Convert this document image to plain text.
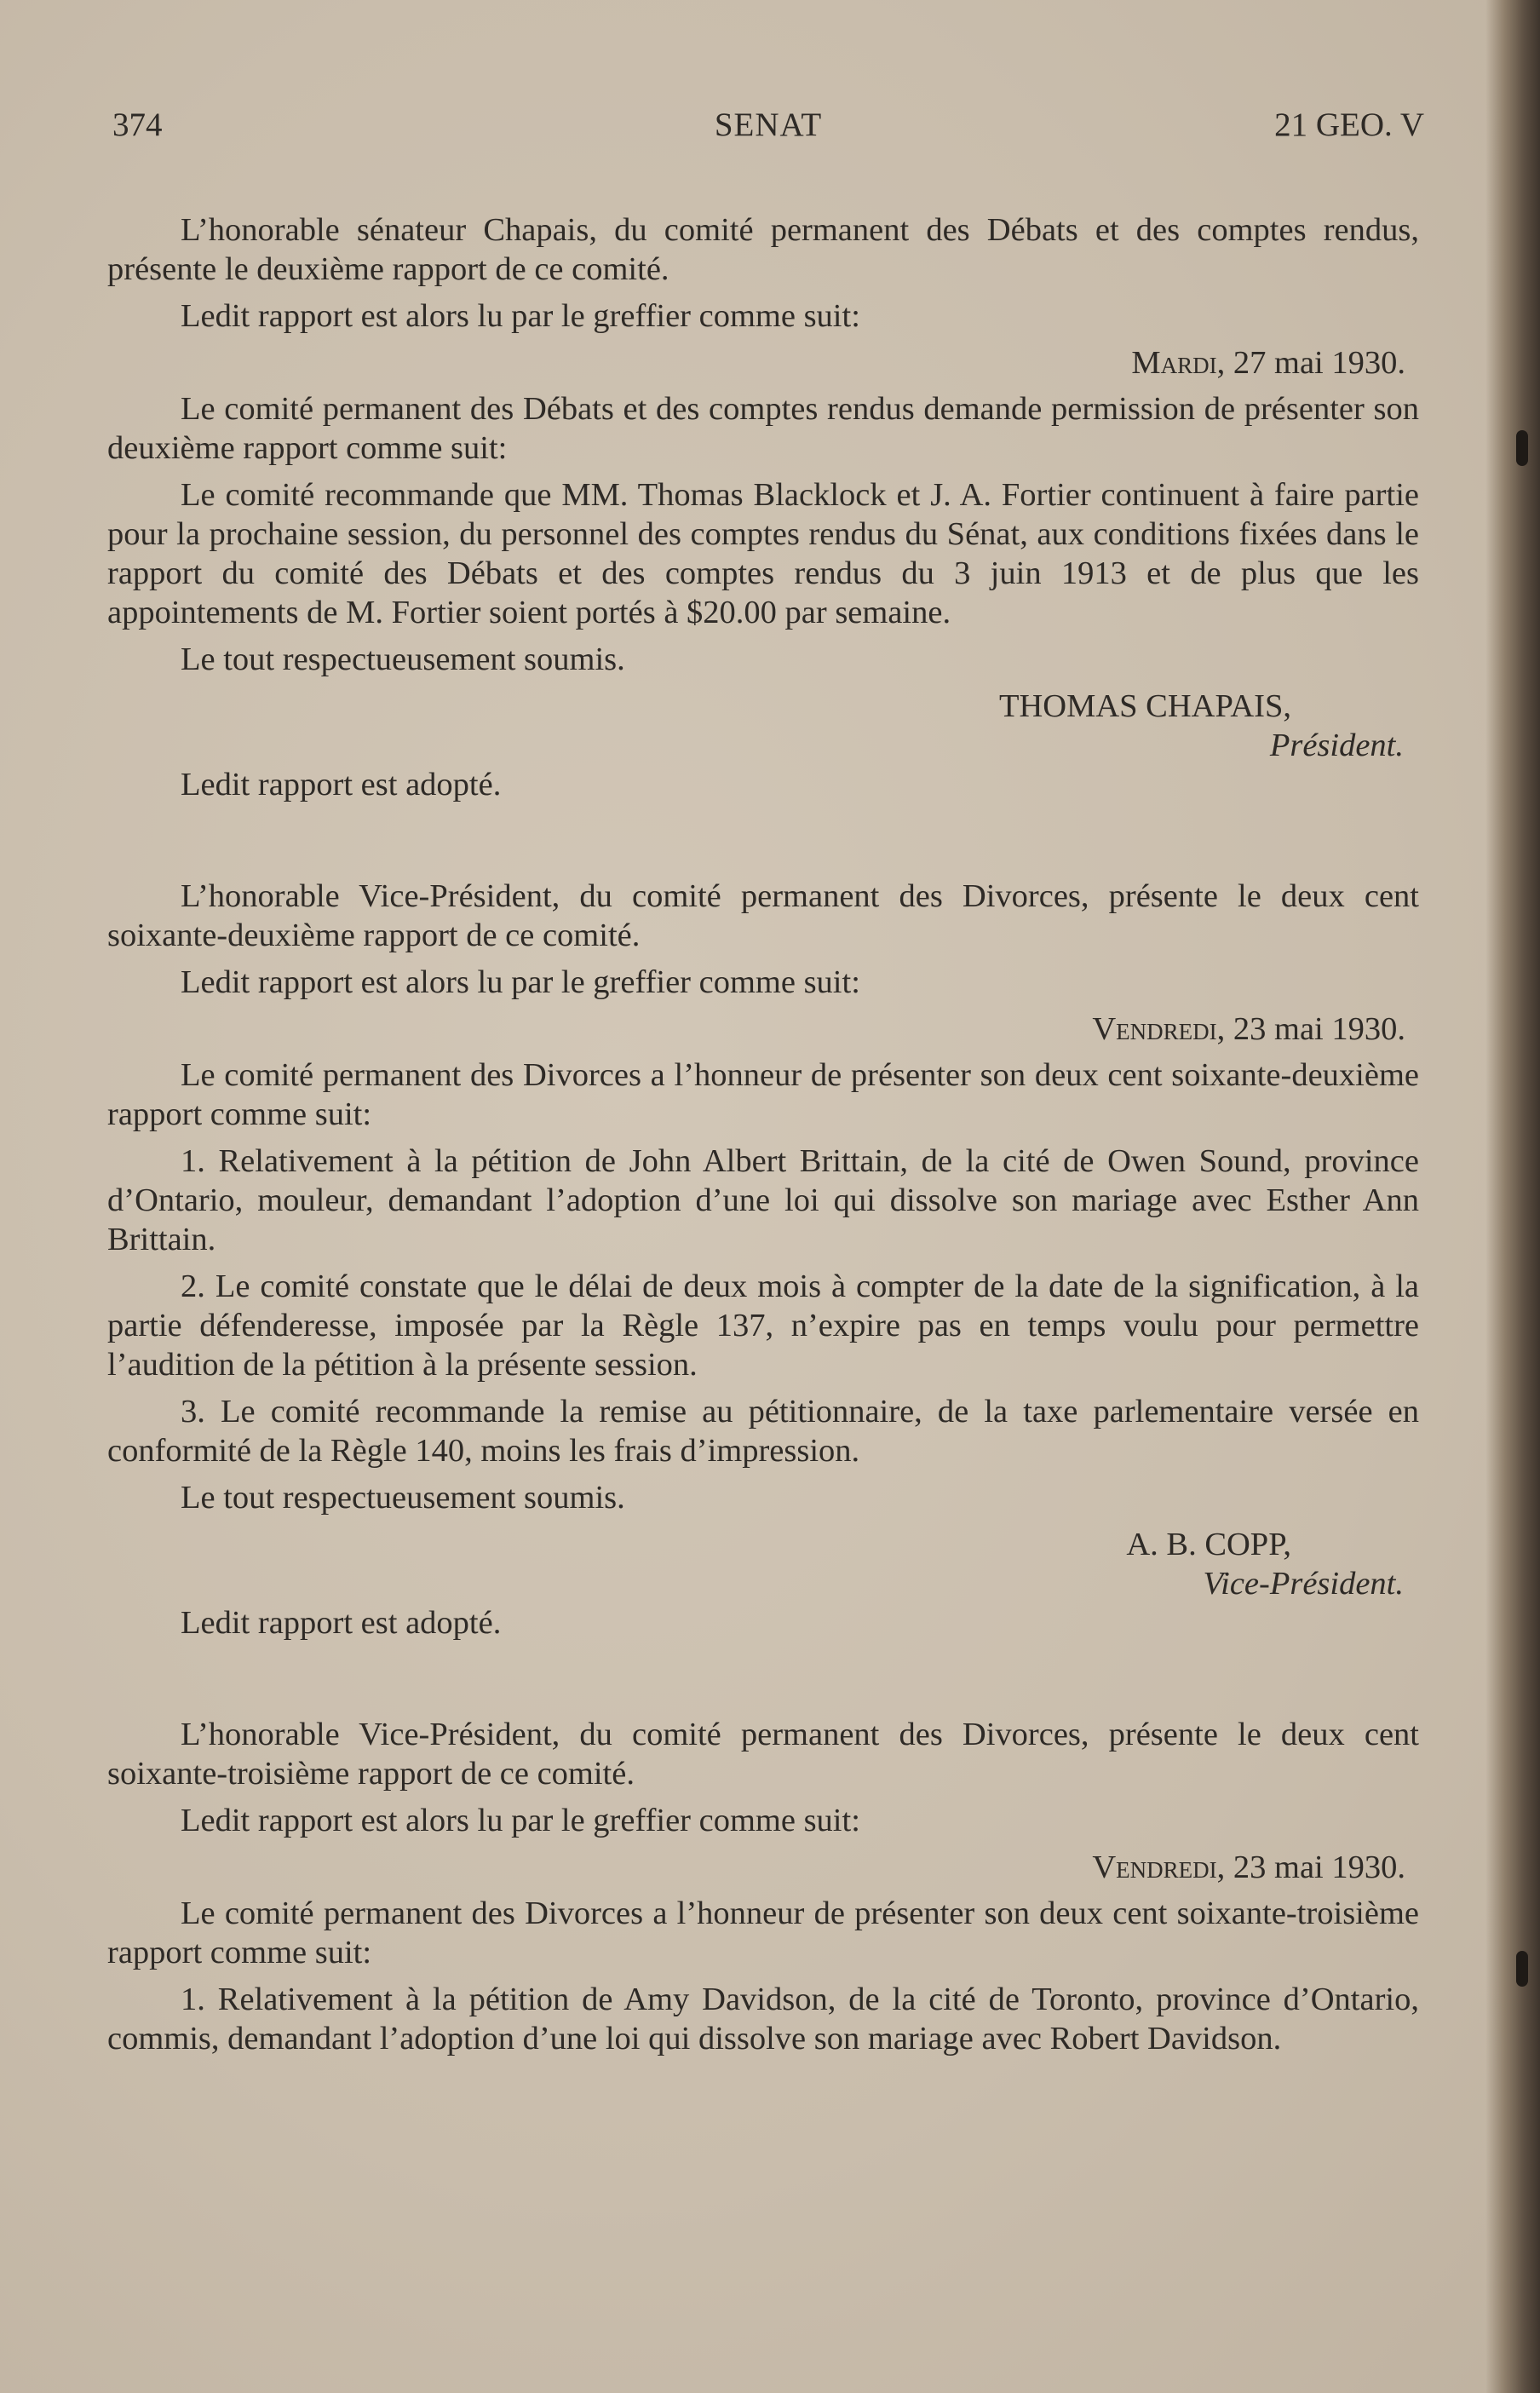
SENAT
374	21 GEO. V

L’honorable sénateur Chapais, du comité permanent des Débats et des comptes rendus, présente le deuxième rapport de ce comité.

Ledit rapport est alors lu par le greffier comme suit:

Mardi, 27 mai 1930.

Le comité permanent des Débats et des comptes rendus demande permission de présenter son deuxième rapport comme suit:

Le comité recommande que MM. Thomas Blacklock et J. A. Fortier continuent à faire partie pour la prochaine session, du personnel des comptes rendus du Sénat, aux conditions fixées dans le rapport du comité des Débats et des comptes rendus du 3 juin 1913 et de plus que les appointements de M. Fortier soient portés à $20.00 par semaine.

Le tout respectueusement soumis.

THOMAS CHAPAIS,
Président.

Ledit rapport est adopté.

L’honorable Vice-Président, du comité permanent des Divorces, présente le deux cent soixante-deuxième rapport de ce comité.

Ledit rapport est alors lu par le greffier comme suit:

Vendredi, 23 mai 1930.

Le comité permanent des Divorces a l’honneur de présenter son deux cent soixante-deuxième rapport comme suit:

1. Relativement à la pétition de John Albert Brittain, de la cité de Owen Sound, province d’Ontario, mouleur, demandant l’adoption d’une loi qui dissolve son mariage avec Esther Ann Brittain.

2. Le comité constate que le délai de deux mois à compter de la date de la signification, à la partie défenderesse, imposée par la Règle 137, n’expire pas en temps voulu pour permettre l’audition de la pétition à la présente session.

3. Le comité recommande la remise au pétitionnaire, de la taxe parlementaire versée en conformité de la Règle 140, moins les frais d’impression.

Le tout respectueusement soumis.

A. B. COPP,
Vice-Président.

Ledit rapport est adopté.

L’honorable Vice-Président, du comité permanent des Divorces, présente le deux cent soixante-troisième rapport de ce comité.

Ledit rapport est alors lu par le greffier comme suit:

Vendredi, 23 mai 1930.

Le comité permanent des Divorces a l’honneur de présenter son deux cent soixante-troisième rapport comme suit:

1. Relativement à la pétition de Amy Davidson, de la cité de Toronto, province d’Ontario, commis, demandant l’adoption d’une loi qui dissolve son mariage avec Robert Davidson.
